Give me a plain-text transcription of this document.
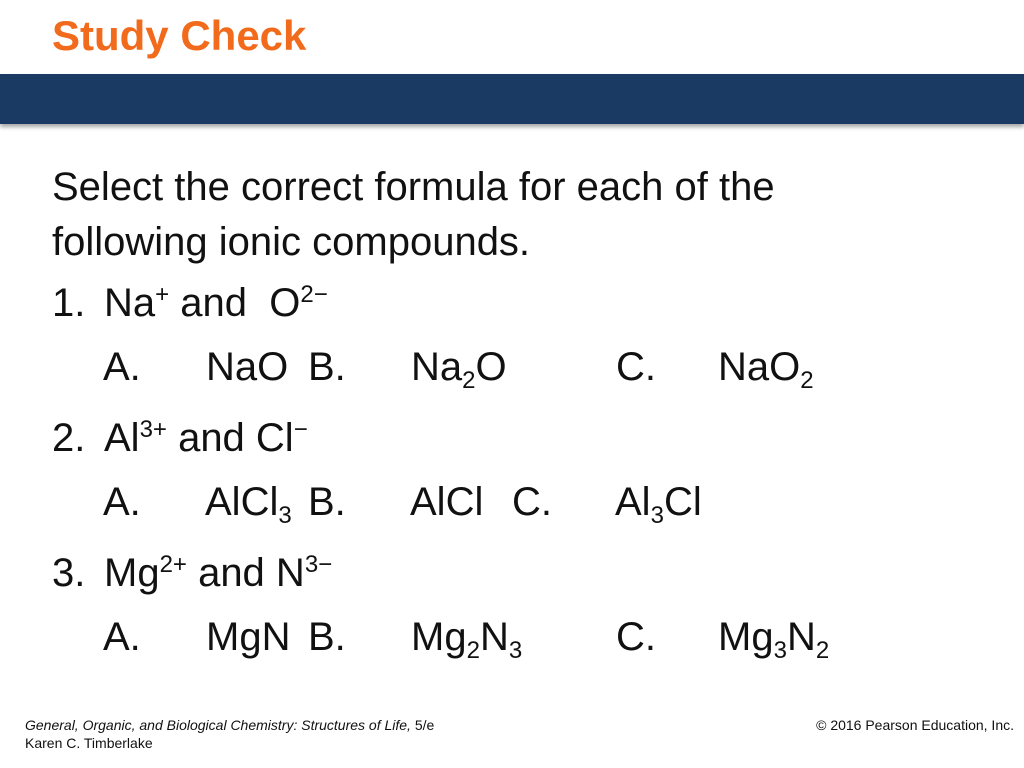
Study Check
Select the correct formula for each of the
following ionic compounds.
1. Na+ and  $O^{2-}$
A. NaO B. $Na_2O$	C. NaO$_2$
2. $Al^{3+}$ and Cl−
A. AlCl$_3$ B. AlCl C. $Al_3Cl$
3. $Mg^{2+}$ and $N^{3-}$
A. MgN B. $Mg_2N_3$ C. $Mg_3N_2$
General, Organic, and Biological Chemistry: Structures of Life, 5/e
Karen C. Timberlake
© 2016 Pearson Education, Inc.
